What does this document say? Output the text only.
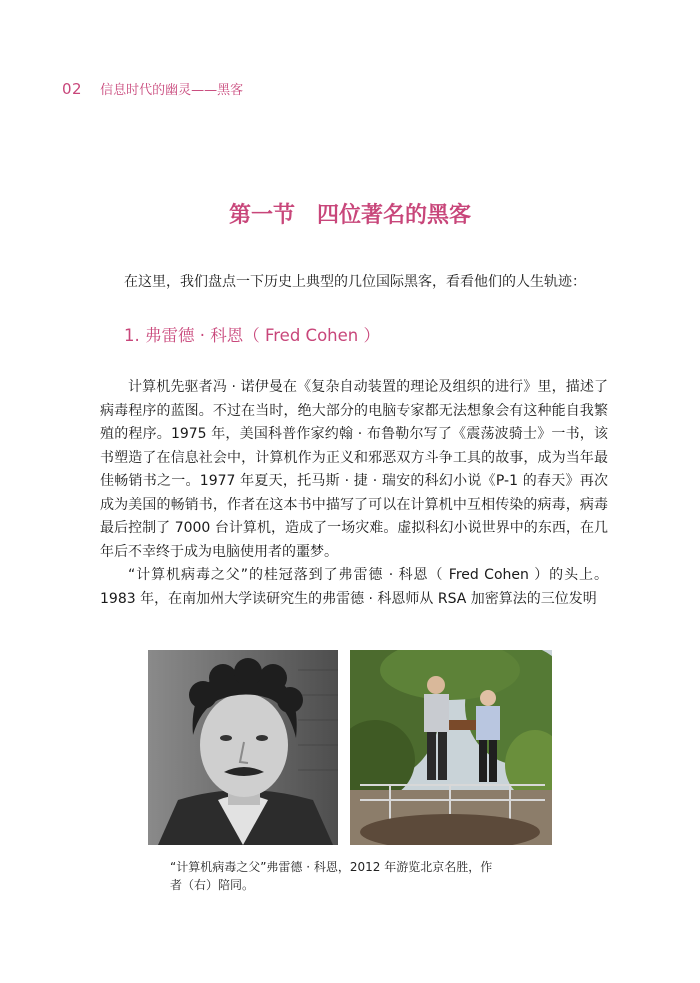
02 信息时代的幽灵——黑客
第一节　四位著名的黑客
在这里，我们盘点一下历史上典型的几位国际黑客，看看他们的人生轨迹：
1. 弗雷德 · 科恩（ Fred Cohen ）

计算机先驱者冯 · 诺伊曼在《复杂自动装置的理论及组织的进行》里，描述了病毒程序的蓝图。不过在当时，绝大部分的电脑专家都无法想象会有这种能自我繁殖的程序。1975 年，美国科普作家约翰 · 布鲁勒尔写了《震荡波骑士》一书，该书塑造了在信息社会中，计算机作为正义和邪恶双方斗争工具的故事，成为当年最佳畅销书之一。1977 年夏天，托马斯 · 捷 · 瑞安的科幻小说《P-1 的春天》再次成为美国的畅销书，作者在这本书中描写了可以在计算机中互相传染的病毒，病毒最后控制了 7000 台计算机，造成了一场灾难。虚拟科幻小说世界中的东西，在几年后不幸终于成为电脑使用者的噩梦。

“计算机病毒之父”的桂冠落到了弗雷德 · 科恩（ Fred Cohen ）的头上。1983 年，在南加州大学读研究生的弗雷德 · 科恩师从 RSA 加密算法的三位发明

“计算机病毒之父”弗雷德 · 科恩，2012 年游览北京名胜，作
者（右）陪同。
